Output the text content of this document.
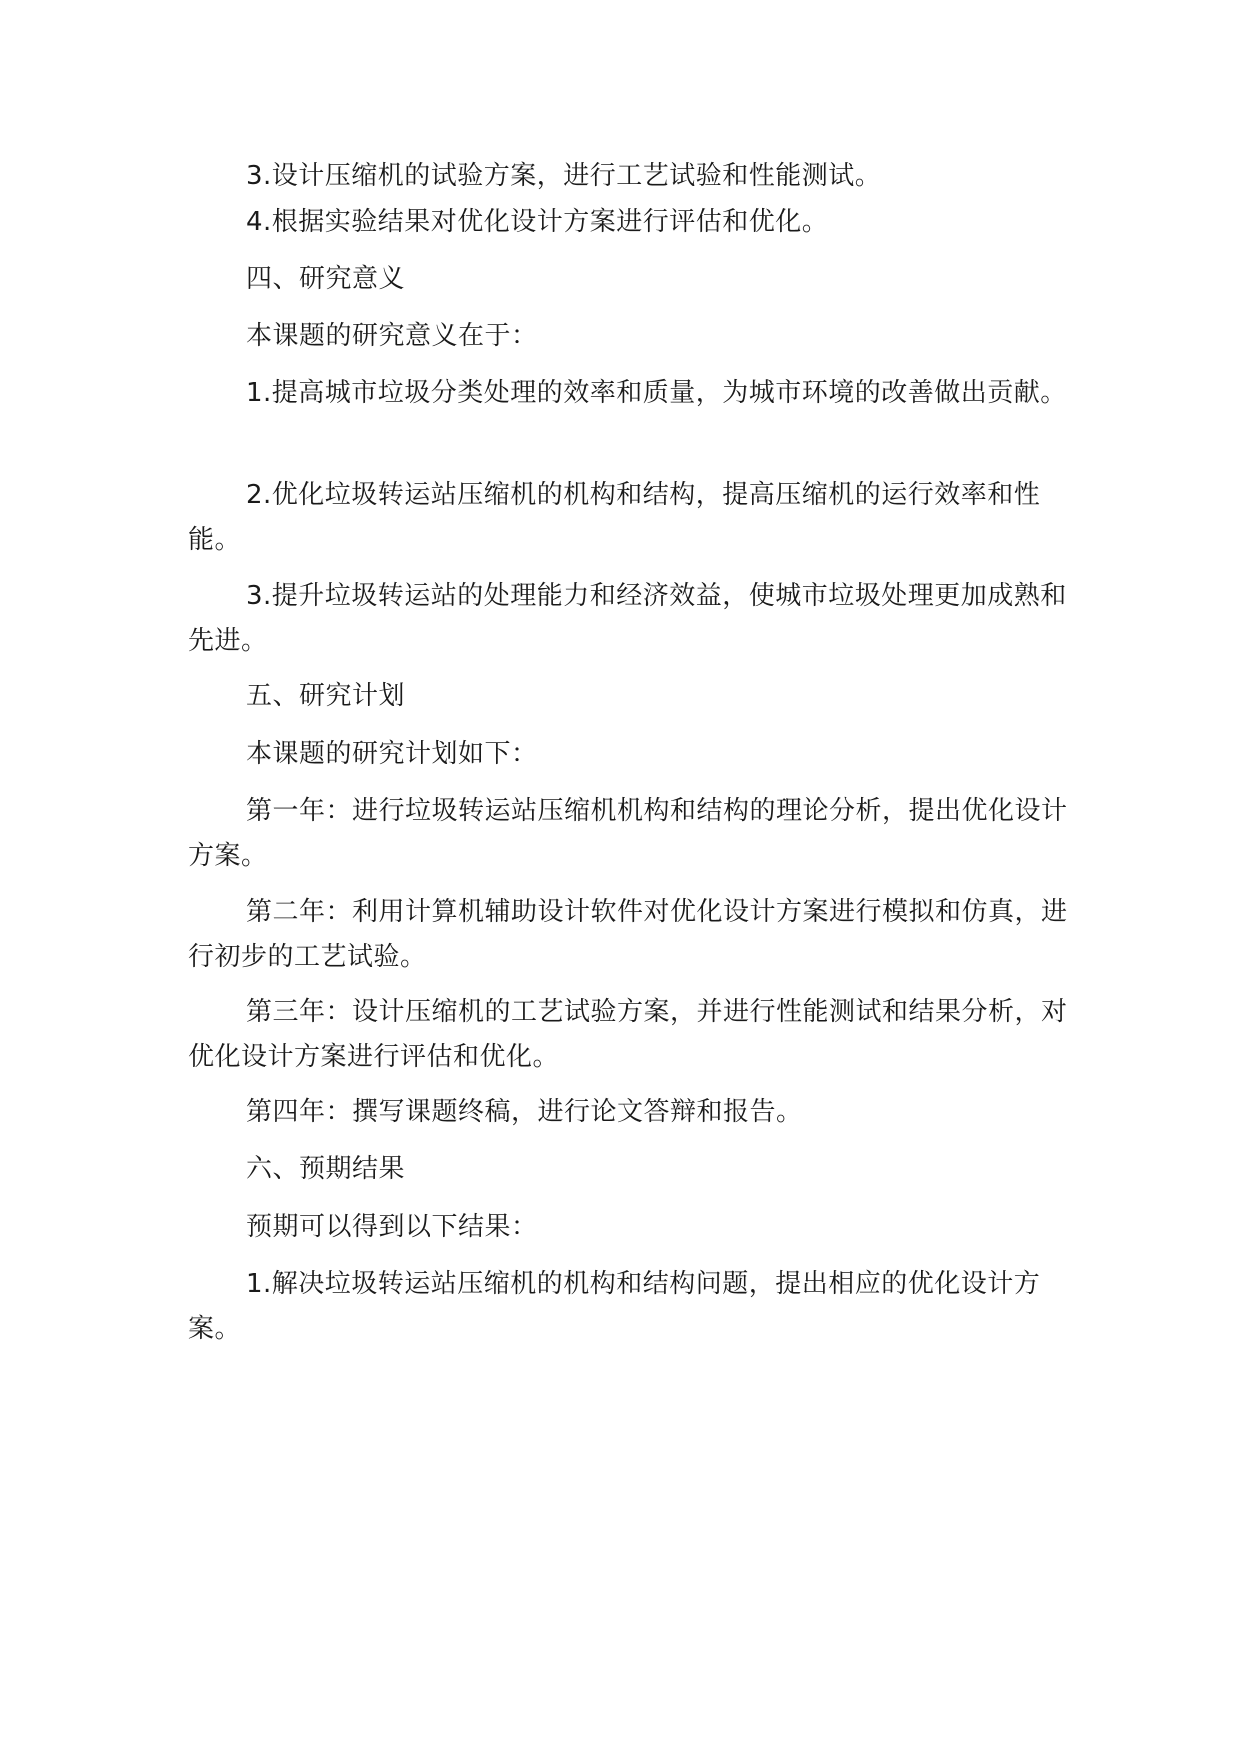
3.设计压缩机的试验方案，进行工艺试验和性能测试。

4.根据实验结果对优化设计方案进行评估和优化。

四、研究意义

本课题的研究意义在于：

1.提高城市垃圾分类处理的效率和质量，为城市环境的改善做出贡献。

2.优化垃圾转运站压缩机的机构和结构，提高压缩机的运行效率和性能。

3.提升垃圾转运站的处理能力和经济效益，使城市垃圾处理更加成熟和先进。

五、研究计划

本课题的研究计划如下：

第一年：进行垃圾转运站压缩机机构和结构的理论分析，提出优化设计方案。

第二年：利用计算机辅助设计软件对优化设计方案进行模拟和仿真，进行初步的工艺试验。

第三年：设计压缩机的工艺试验方案，并进行性能测试和结果分析，对优化设计方案进行评估和优化。

第四年：撰写课题终稿，进行论文答辩和报告。

六、预期结果

预期可以得到以下结果：

1.解决垃圾转运站压缩机的机构和结构问题，提出相应的优化设计方案。
